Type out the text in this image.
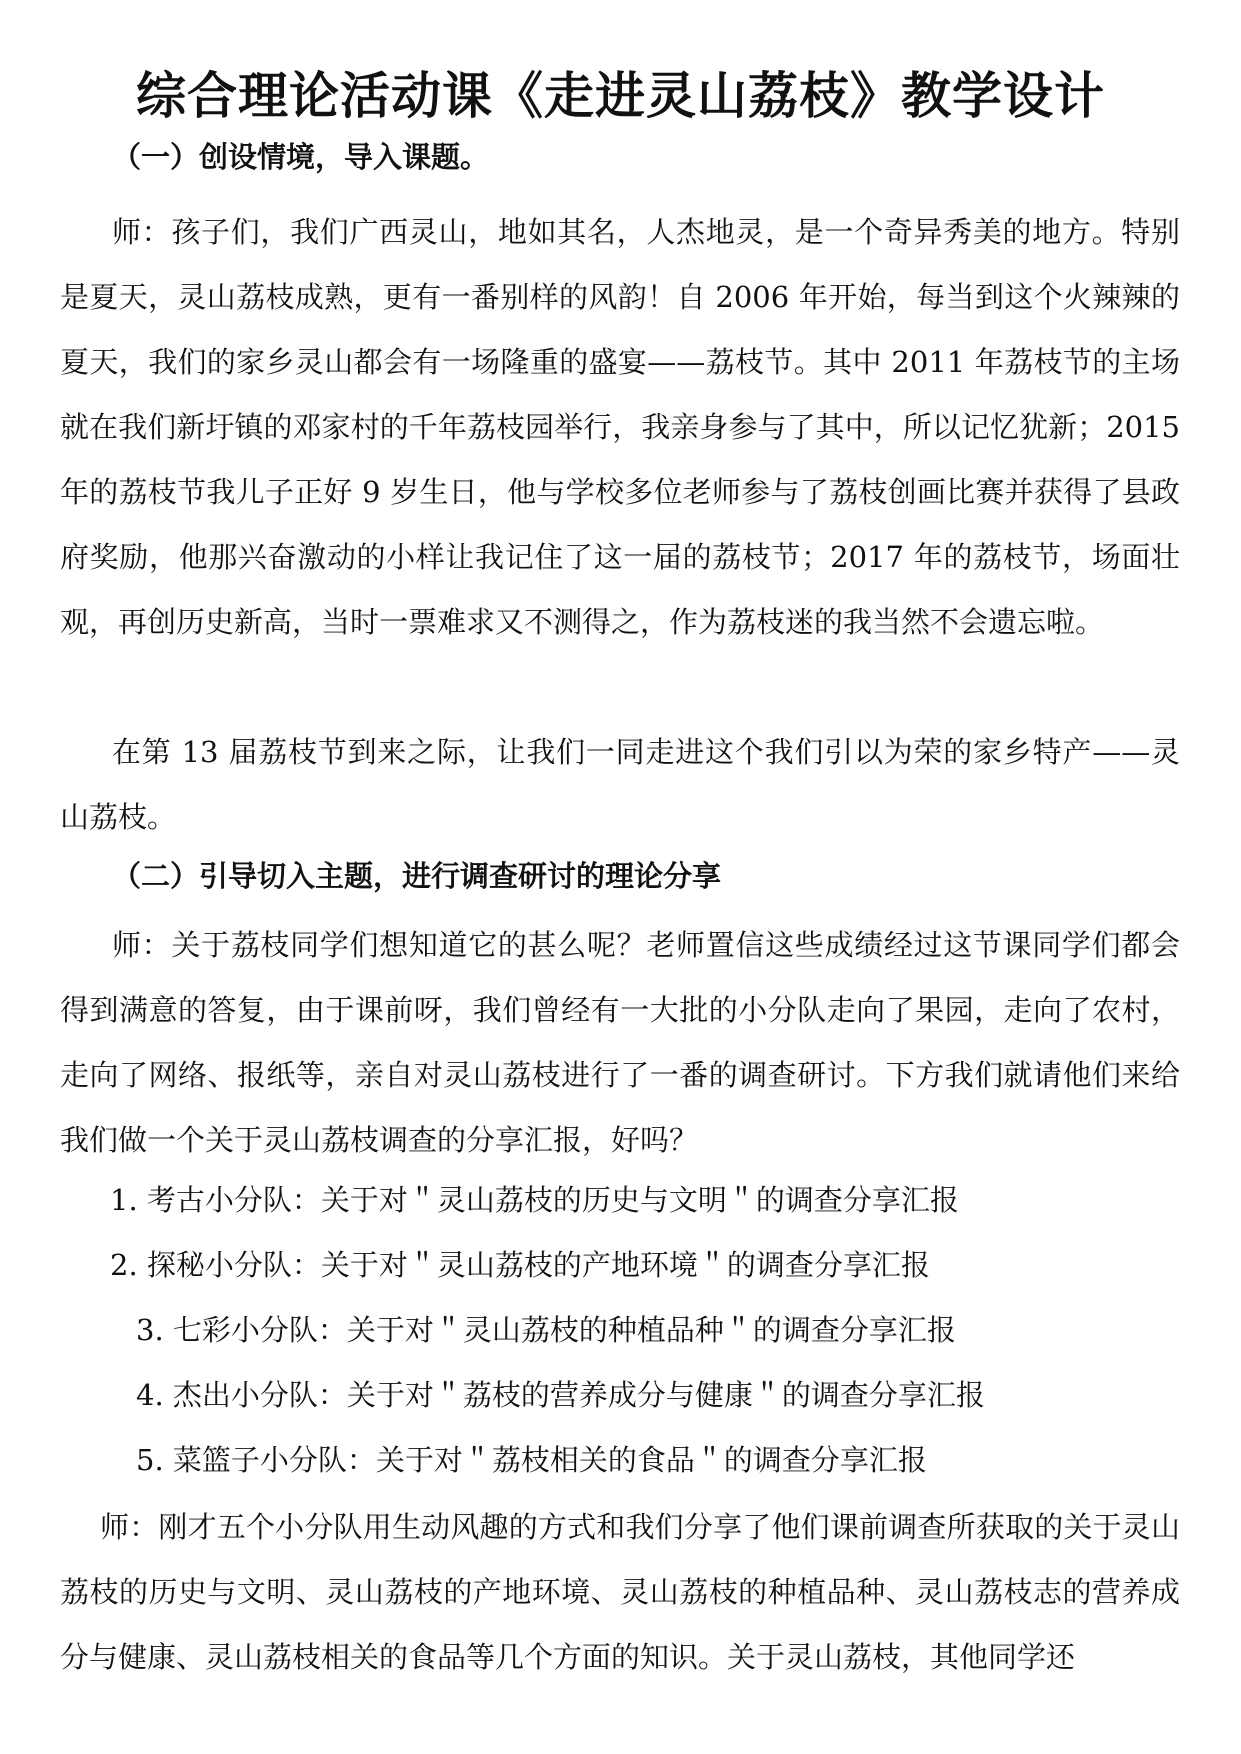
综合理论活动课《走进灵山荔枝》教学设计
（一）创设情境，导入课题。

师：孩子们，我们广西灵山，地如其名，人杰地灵，是一个奇异秀美的地方。特别是夏天，灵山荔枝成熟，更有一番别样的风韵！自 2006 年开始，每当到这个火辣辣的夏天，我们的家乡灵山都会有一场隆重的盛宴——荔枝节。其中 2011 年荔枝节的主场就在我们新圩镇的邓家村的千年荔枝园举行，我亲身参与了其中，所以记忆犹新；2015 年的荔枝节我儿子正好 9 岁生日，他与学校多位老师参与了荔枝创画比赛并获得了县政府奖励，他那兴奋激动的小样让我记住了这一届的荔枝节；2017 年的荔枝节，场面壮观，再创历史新高，当时一票难求又不测得之，作为荔枝迷的我当然不会遗忘啦。

在第 13 届荔枝节到来之际，让我们一同走进这个我们引以为荣的家乡特产——灵山荔枝。

（二）引导切入主题，进行调查研讨的理论分享

师：关于荔枝同学们想知道它的甚么呢？老师置信这些成绩经过这节课同学们都会得到满意的答复，由于课前呀，我们曾经有一大批的小分队走向了果园，走向了农村，走向了网络、报纸等，亲自对灵山荔枝进行了一番的调查研讨。下方我们就请他们来给我们做一个关于灵山荔枝调查的分享汇报，好吗？

1. 考古小分队：关于对＂灵山荔枝的历史与文明＂的调查分享汇报
2. 探秘小分队：关于对＂灵山荔枝的产地环境＂的调查分享汇报
3. 七彩小分队：关于对＂灵山荔枝的种植品种＂的调查分享汇报
4. 杰出小分队：关于对＂荔枝的营养成分与健康＂的调查分享汇报
5. 菜篮子小分队：关于对＂荔枝相关的食品＂的调查分享汇报

师：刚才五个小分队用生动风趣的方式和我们分享了他们课前调查所获取的关于灵山荔枝的历史与文明、灵山荔枝的产地环境、灵山荔枝的种植品种、灵山荔枝志的营养成分与健康、灵山荔枝相关的食品等几个方面的知识。关于灵山荔枝，其他同学还
